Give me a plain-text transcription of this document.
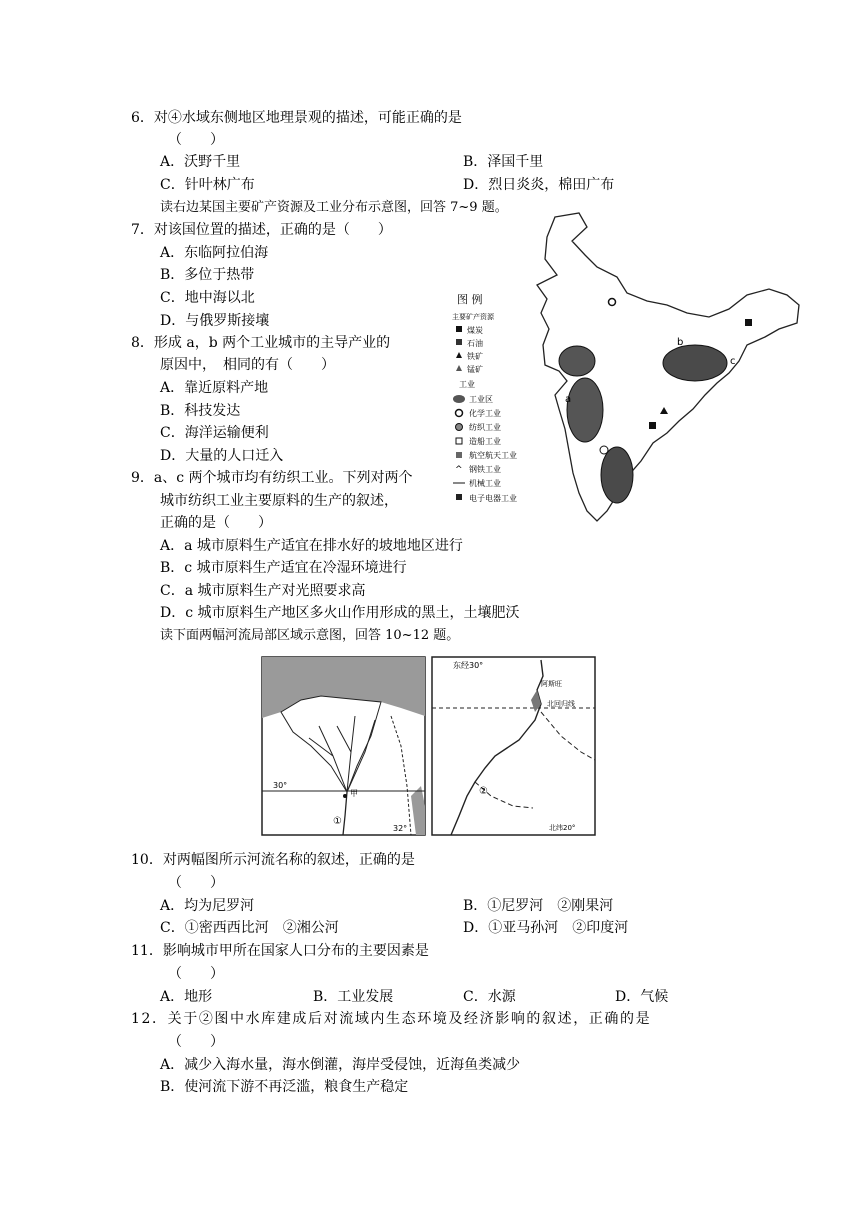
6．对④水域东侧地区地理景观的描述，可能正确的是
（　　）
A．沃野千里	B．泽国千里
C．针叶林广布	D．烈日炎炎，棉田广布
读右边某国主要矿产资源及工业分布示意图，回答 7~9 题。
7．对该国位置的描述，正确的是（　　）
A．东临阿拉伯海
B．多位于热带
C．地中海以北
D．与俄罗斯接壤
8．形成 a，b 两个工业城市的主导产业的
原因中，　相同的有（　　）
A．靠近原料产地
B．科技发达
C．海洋运输便利
D．大量的人口迁入
9．a、c 两个城市均有纺织工业。下列对两个
城市纺织工业主要原料的生产的叙述，
正确的是（　　）
A．a 城市原料生产适宜在排水好的坡地地区进行
B．c 城市原料生产适宜在冷湿环境进行
C．a 城市原料生产对光照要求高
D．c 城市原料生产地区多火山作用形成的黑土，土壤肥沃
读下面两幅河流局部区域示意图，回答 10~12 题。
b
a
c
图 例
主要矿产资源
煤炭
石油
铁矿
锰矿
工业
工业区
化学工业
纺织工业
造船工业
航空航天工业
钢铁工业
机械工业
电子电器工业
^
30°
32°
甲
①
东经30°
阿斯旺
北回归线
②
北纬20°
10．对两幅图所示河流名称的叙述，正确的是
（　　）
A．均为尼罗河	B．①尼罗河　②刚果河
C．①密西西比河　②湘公河	D．①亚马孙河　②印度河
11．影响城市甲所在国家人口分布的主要因素是
（　　）
A．地形	B．工业发展	C．水源	D．气候
12．关于②图中水库建成后对流域内生态环境及经济影响的叙述，正确的是
（　　）
A．减少入海水量，海水倒灌，海岸受侵蚀，近海鱼类减少
B．使河流下游不再泛滥，粮食生产稳定
